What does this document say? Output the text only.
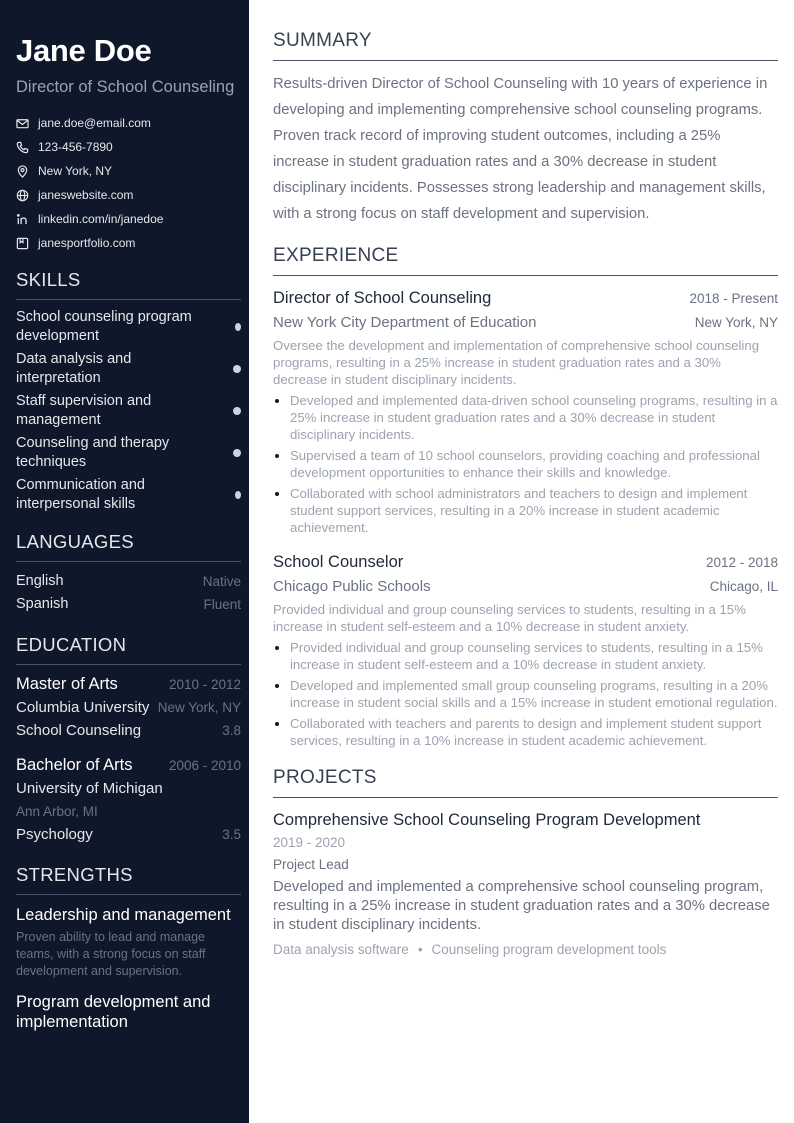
Jane Doe
Director of School Counseling
jane.doe@email.com
123-456-7890
New York, NY
janeswebsite.com
linkedin.com/in/janedoe
janesportfolio.com
SKILLS
School counseling program development
Data analysis and interpretation
Staff supervision and management
Counseling and therapy techniques
Communication and interpersonal skills
LANGUAGES
English	Native
Spanish	Fluent
EDUCATION
Master of Arts	2010 - 2012
Columbia University New York, NY
School Counseling	3.8
Bachelor of Arts	2006 - 2010
University of Michigan
Ann Arbor, MI
Psychology	3.5
STRENGTHS
Leadership and management
Proven ability to lead and manage teams, with a strong focus on staff development and supervision.
Program development and implementation
SUMMARY

Results-driven Director of School Counseling with 10 years of experience in developing and implementing comprehensive school counseling programs. Proven track record of improving student outcomes, including a 25% increase in student graduation rates and a 30% decrease in student disciplinary incidents. Possesses strong leadership and management skills, with a strong focus on staff development and supervision.

EXPERIENCE
Director of School Counseling	2018 - Present
New York City Department of Education	New York, NY
Oversee the development and implementation of comprehensive school counseling programs, resulting in a 25% increase in student graduation rates and a 30% decrease in student disciplinary incidents.
• Developed and implemented data-driven school counseling programs, resulting in a 25% increase in student graduation rates and a 30% decrease in student disciplinary incidents.
• Supervised a team of 10 school counselors, providing coaching and professional development opportunities to enhance their skills and knowledge.
• Collaborated with school administrators and teachers to design and implement student support services, resulting in a 20% increase in student academic achievement.
School Counselor	2012 - 2018
Chicago Public Schools	Chicago, IL
Provided individual and group counseling services to students, resulting in a 15% increase in student self-esteem and a 10% decrease in student anxiety.
• Provided individual and group counseling services to students, resulting in a 15% increase in student self-esteem and a 10% decrease in student anxiety.
• Developed and implemented small group counseling programs, resulting in a 20% increase in student social skills and a 15% increase in student emotional regulation.
• Collaborated with teachers and parents to design and implement student support services, resulting in a 10% increase in student academic achievement.
PROJECTS
Comprehensive School Counseling Program Development
2019 - 2020
Project Lead
Developed and implemented a comprehensive school counseling program, resulting in a 25% increase in student graduation rates and a 30% decrease in student disciplinary incidents.
Data analysis software • Counseling program development tools
